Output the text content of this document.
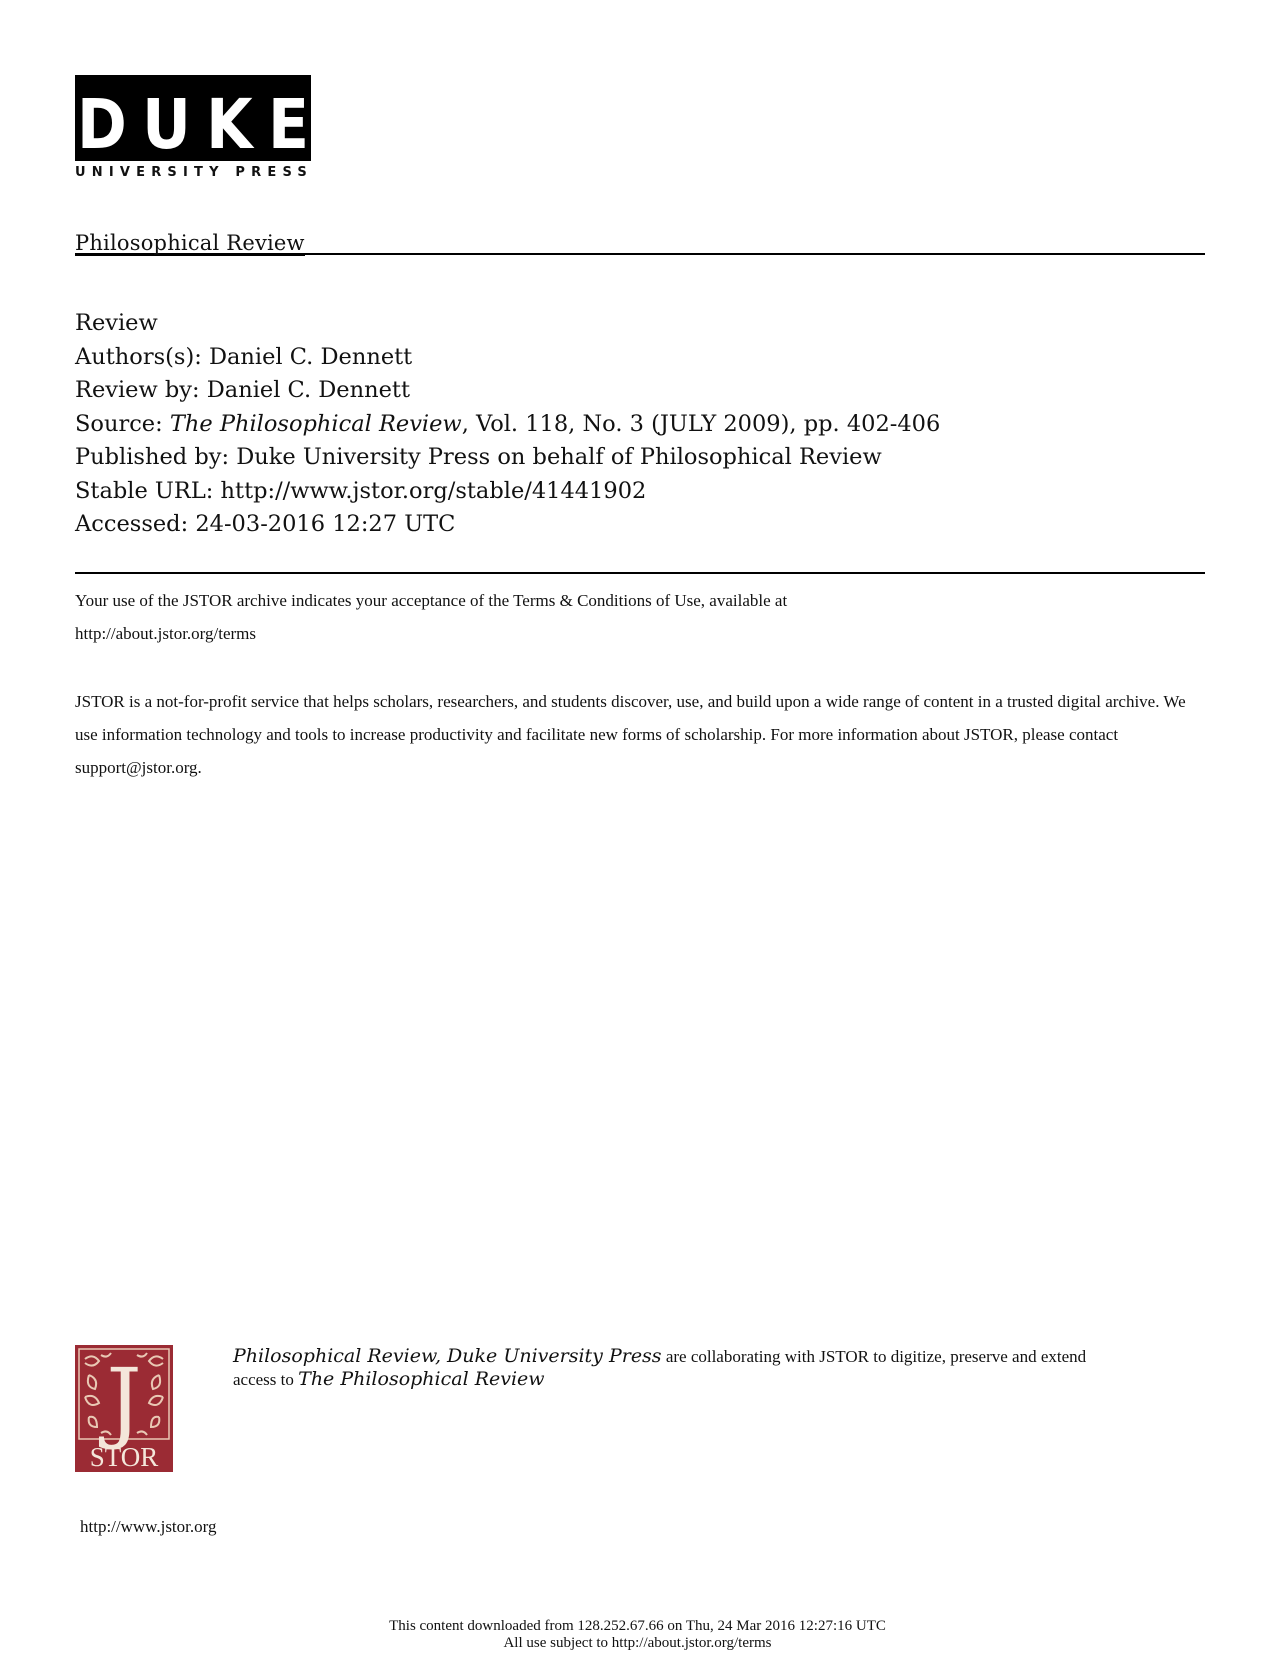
D U K E
UNIVERSITY PRESS
Philosophical Review
Review
Authors(s): Daniel C. Dennett
Review by: Daniel C. Dennett
Source: The Philosophical Review, Vol. 118, No. 3 (JULY 2009), pp. 402-406
Published by: Duke University Press on behalf of Philosophical Review
Stable URL: http://www.jstor.org/stable/41441902
Accessed: 24-03-2016 12:27 UTC

Your use of the JSTOR archive indicates your acceptance of the Terms & Conditions of Use, available at
http://about.jstor.org/terms

JSTOR is a not-for-profit service that helps scholars, researchers, and students discover, use, and build upon a wide range of content in a trusted digital archive. We use information technology and tools to increase productivity and facilitate new forms of scholarship. For more information about JSTOR, please contact support@jstor.org.

J
STOR
Philosophical Review, Duke University Press are collaborating with JSTOR to digitize, preserve and extend access to The Philosophical Review
http://www.jstor.org
This content downloaded from 128.252.67.66 on Thu, 24 Mar 2016 12:27:16 UTC
All use subject to http://about.jstor.org/terms
